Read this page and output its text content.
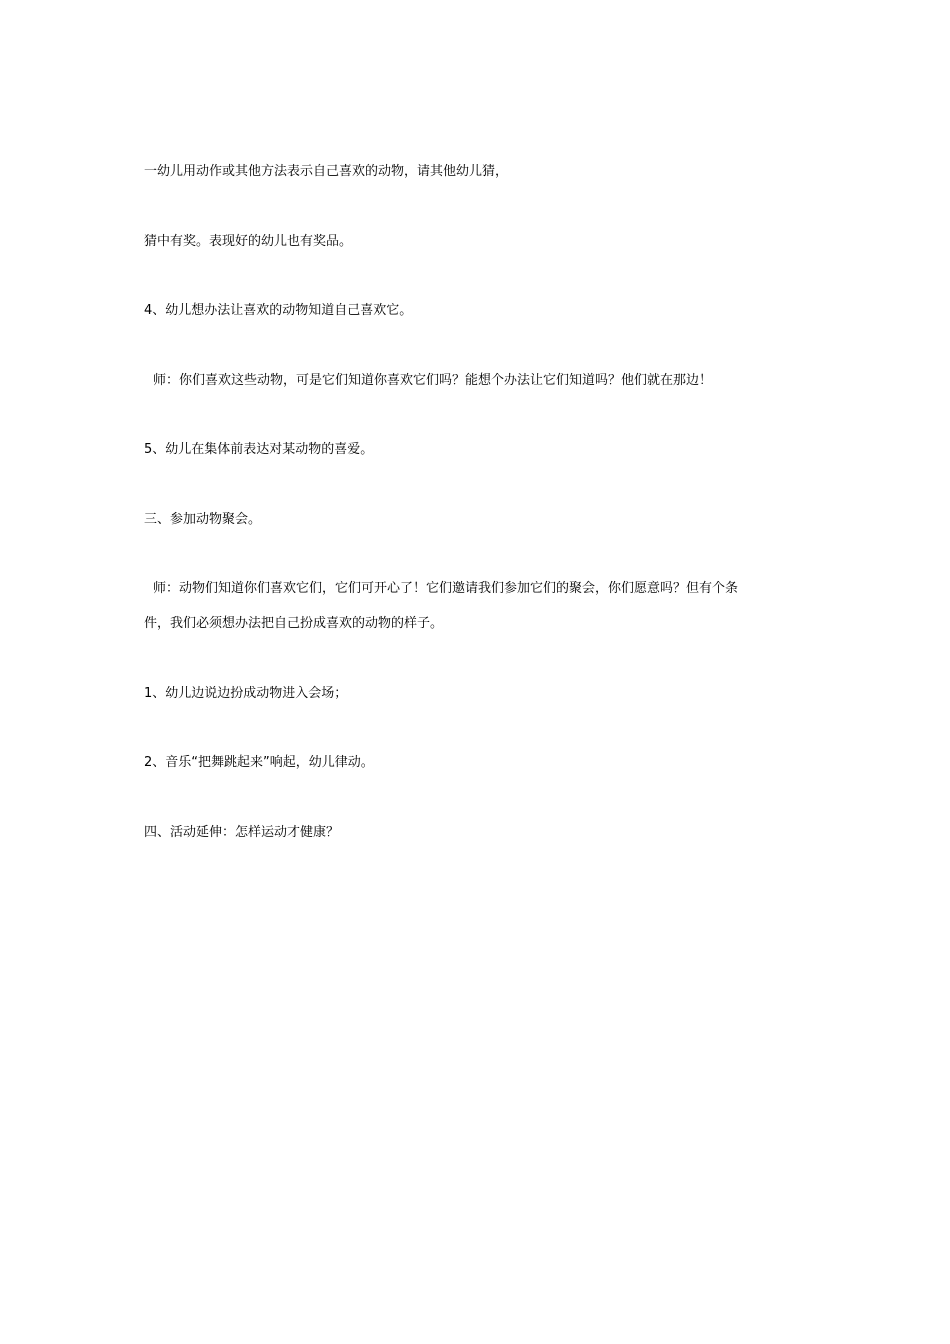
一幼儿用动作或其他方法表示自己喜欢的动物，请其他幼儿猜，
猜中有奖。表现好的幼儿也有奖品。
4、幼儿想办法让喜欢的动物知道自己喜欢它。
师：你们喜欢这些动物，可是它们知道你喜欢它们吗？能想个办法让它们知道吗？他们就在那边！
5、幼儿在集体前表达对某动物的喜爱。
三、参加动物聚会。
师：动物们知道你们喜欢它们，它们可开心了！它们邀请我们参加它们的聚会，你们愿意吗？但有个条
件，我们必须想办法把自己扮成喜欢的动物的样子。
1、幼儿边说边扮成动物进入会场；
2、音乐“把舞跳起来”响起，幼儿律动。
四、活动延伸：怎样运动才健康？
